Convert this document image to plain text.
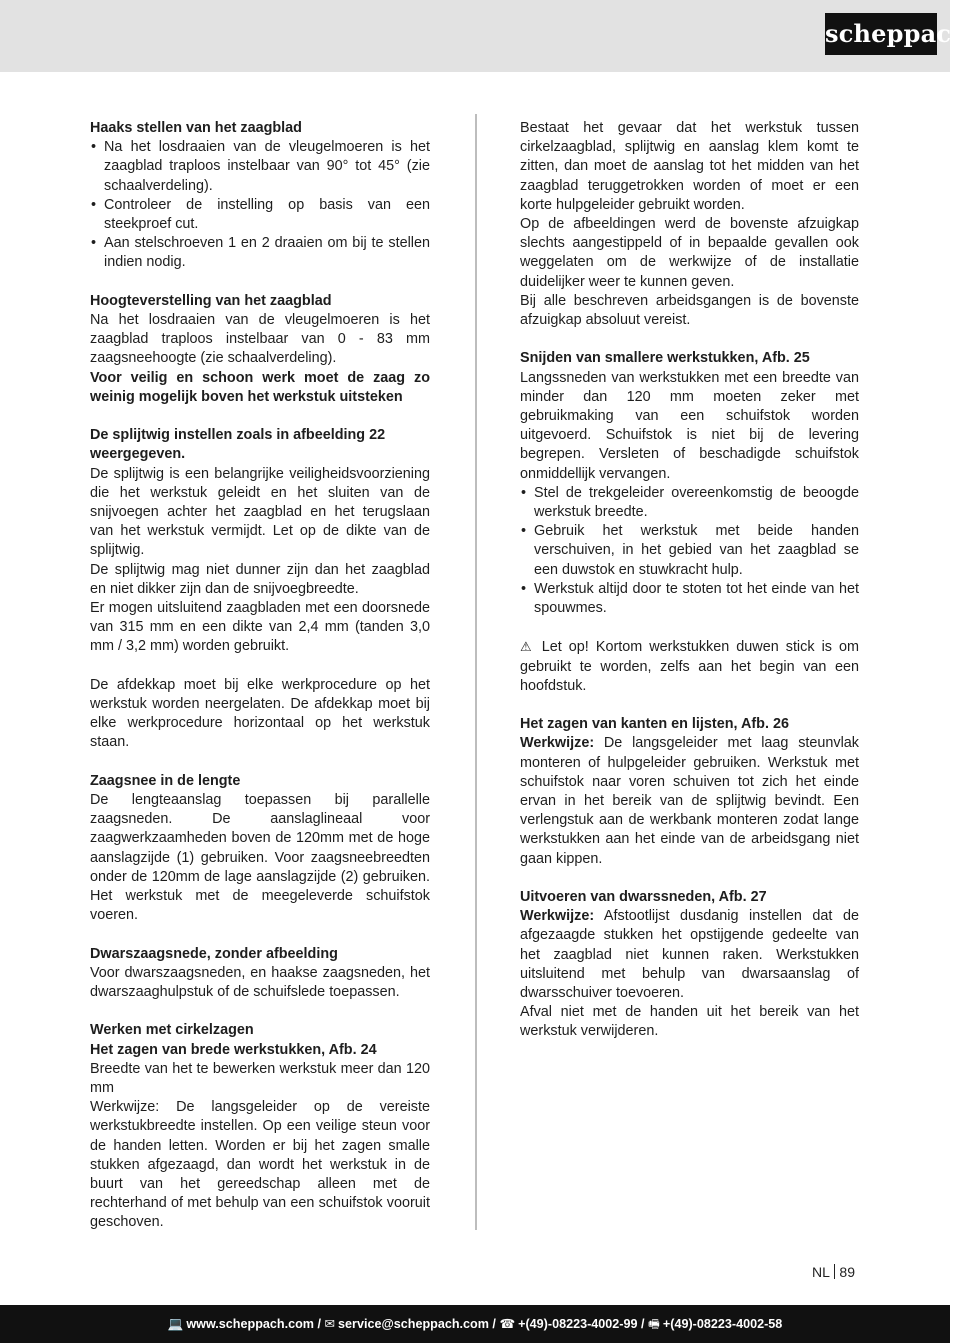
scheppach
Haaks stellen van het zaagblad
• Na het losdraaien van de vleugelmoeren is het zaagblad traploos instelbaar van 90° tot 45° (zie schaalverdeling).
• Controleer de instelling op basis van een steekproef cut.
• Aan stelschroeven 1 en 2 draaien om bij te stellen indien nodig.
Hoogteverstelling van het zaagblad
Na het losdraaien van de vleugelmoeren is het zaagblad traploos instelbaar van 0 - 83 mm zaagsneehoogte (zie schaalverdeling).
Voor veilig en schoon werk moet de zaag zo weinig mogelijk boven het werkstuk uitsteken
De splijtwig instellen zoals in afbeelding 22 weergegeven.
De splijtwig is een belangrijke veiligheidsvoorziening die het werkstuk geleidt en het sluiten van de snijvoegen achter het zaagblad en het terugslaan van het werkstuk vermijdt. Let op de dikte van de splijtwig.
De splijtwig mag niet dunner zijn dan het zaagblad en niet dikker zijn dan de snijvoegbreedte.
Er mogen uitsluitend zaagbladen met een doorsnede van 315 mm en een dikte van 2,4 mm (tanden 3,0 mm / 3,2 mm) worden gebruikt.
De afdekkap moet bij elke werkprocedure op het werkstuk worden neergelaten. De afdekkap moet bij elke werkprocedure horizontaal op het werkstuk staan.
Zaagsnee in de lengte
De lengteaanslag toepassen bij parallelle zaagsneden. De aanslaglineaal voor zaagwerkzaamheden boven de 120mm met de hoge aanslagzijde (1) gebruiken. Voor zaagsneebreedten onder de 120mm de lage aanslagzijde (2) gebruiken. Het werkstuk met de meegeleverde schuifstok voeren.
Dwarszaagsnede, zonder afbeelding
Voor dwarszaagsneden, en haakse zaagsneden, het dwarszaaghulpstuk of de schuifslede toepassen.
Werken met cirkelzagen
Het zagen van brede werkstukken, Afb. 24
Breedte van het te bewerken werkstuk meer dan 120 mm
Werkwijze: De langsgeleider op de vereiste werkstukbreedte instellen. Op een veilige steun voor de handen letten. Worden er bij het zagen smalle stukken afgezaagd, dan wordt het werkstuk in de buurt van het gereedschap alleen met de rechterhand of met behulp van een schuifstok vooruit geschoven.
Bestaat het gevaar dat het werkstuk tussen cirkelzaagblad, splijtwig en aanslag klem komt te zitten, dan moet de aanslag tot het midden van het zaagblad teruggetrokken worden of moet er een korte hulpgeleider gebruikt worden.
Op de afbeeldingen werd de bovenste afzuigkap slechts aangestippeld of in bepaalde gevallen ook weggelaten om de werkwijze of de installatie duidelijker weer te kunnen geven.
Bij alle beschreven arbeidsgangen is de bovenste afzuigkap absoluut vereist.
Snijden van smallere werkstukken, Afb. 25
Langssneden van werkstukken met een breedte van minder dan 120 mm moeten zeker met gebruikmaking van een schuifstok worden uitgevoerd. Schuifstok is niet bij de levering begrepen. Versleten of beschadigde schuifstok onmiddellijk vervangen.
• Stel de trekgeleider overeenkomstig de beoogde werkstuk breedte.
• Gebruik het werkstuk met beide handen verschuiven, in het gebied van het zaagblad se een duwstok en stuwkracht hulp.
• Werkstuk altijd door te stoten tot het einde van het spouwmes.
⚠ Let op! Kortom werkstukken duwen stick is om gebruikt te worden, zelfs aan het begin van een hoofdstuk.
Het zagen van kanten en lijsten, Afb. 26
Werkwijze: De langsgeleider met laag steunvlak monteren of hulpgeleider gebruiken. Werkstuk met schuifstok naar voren schuiven tot zich het einde ervan in het bereik van de splijtwig bevindt. Een verlengstuk aan de werkbank monteren zodat lange werkstukken aan het einde van de arbeidsgang niet gaan kippen.
Uitvoeren van dwarssneden, Afb. 27
Werkwijze: Afstootlijst dusdanig instellen dat de afgezaagde stukken het opstijgende gedeelte van het zaagblad niet kunnen raken. Werkstukken uitsluitend met behulp van dwarsaanslag of dwarsschuiver toevoeren.
Afval niet met de handen uit het bereik van het werkstuk verwijderen.
NL 89
💻 www.scheppach.com / ✉ service@scheppach.com / ☎ +(49)-08223-4002-99 / 🖷 +(49)-08223-4002-58
